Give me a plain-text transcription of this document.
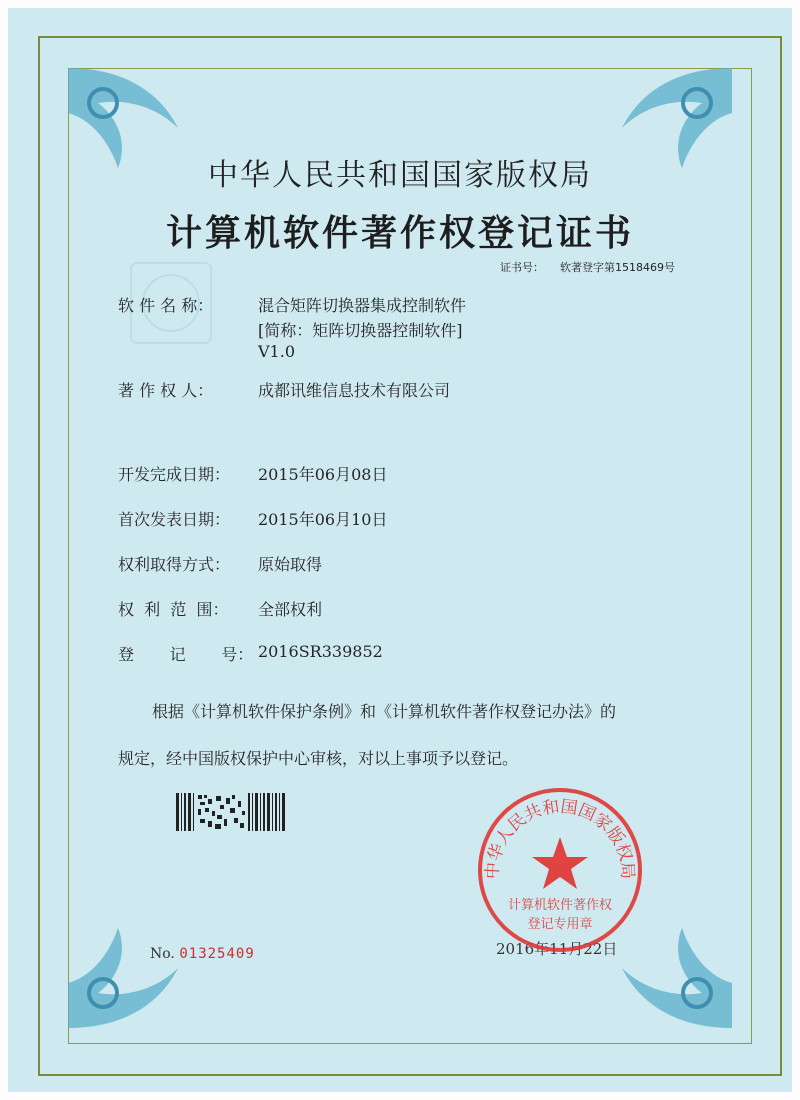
中华人民共和国国家版权局
计算机软件著作权登记证书
证书号： 软著登字第1518469号
软 件 名 称：	混合矩阵切换器集成控制软件
[简称：矩阵切换器控制软件]
V1.0
著 作 权 人：	成都讯维信息技术有限公司
开发完成日期： 2015年06月08日
首次发表日期： 2015年06月10日
权利取得方式： 原始取得
权  利  范  围： 全部权利
登       记       号： 2016SR339852
根据《计算机软件保护条例》和《计算机软件著作权登记办法》的
规定，经中国版权保护中心审核，对以上事项予以登记。
No. 01325409	2016年11月22日
中华人民共和国国家版权局
计算机软件著作权
登记专用章
